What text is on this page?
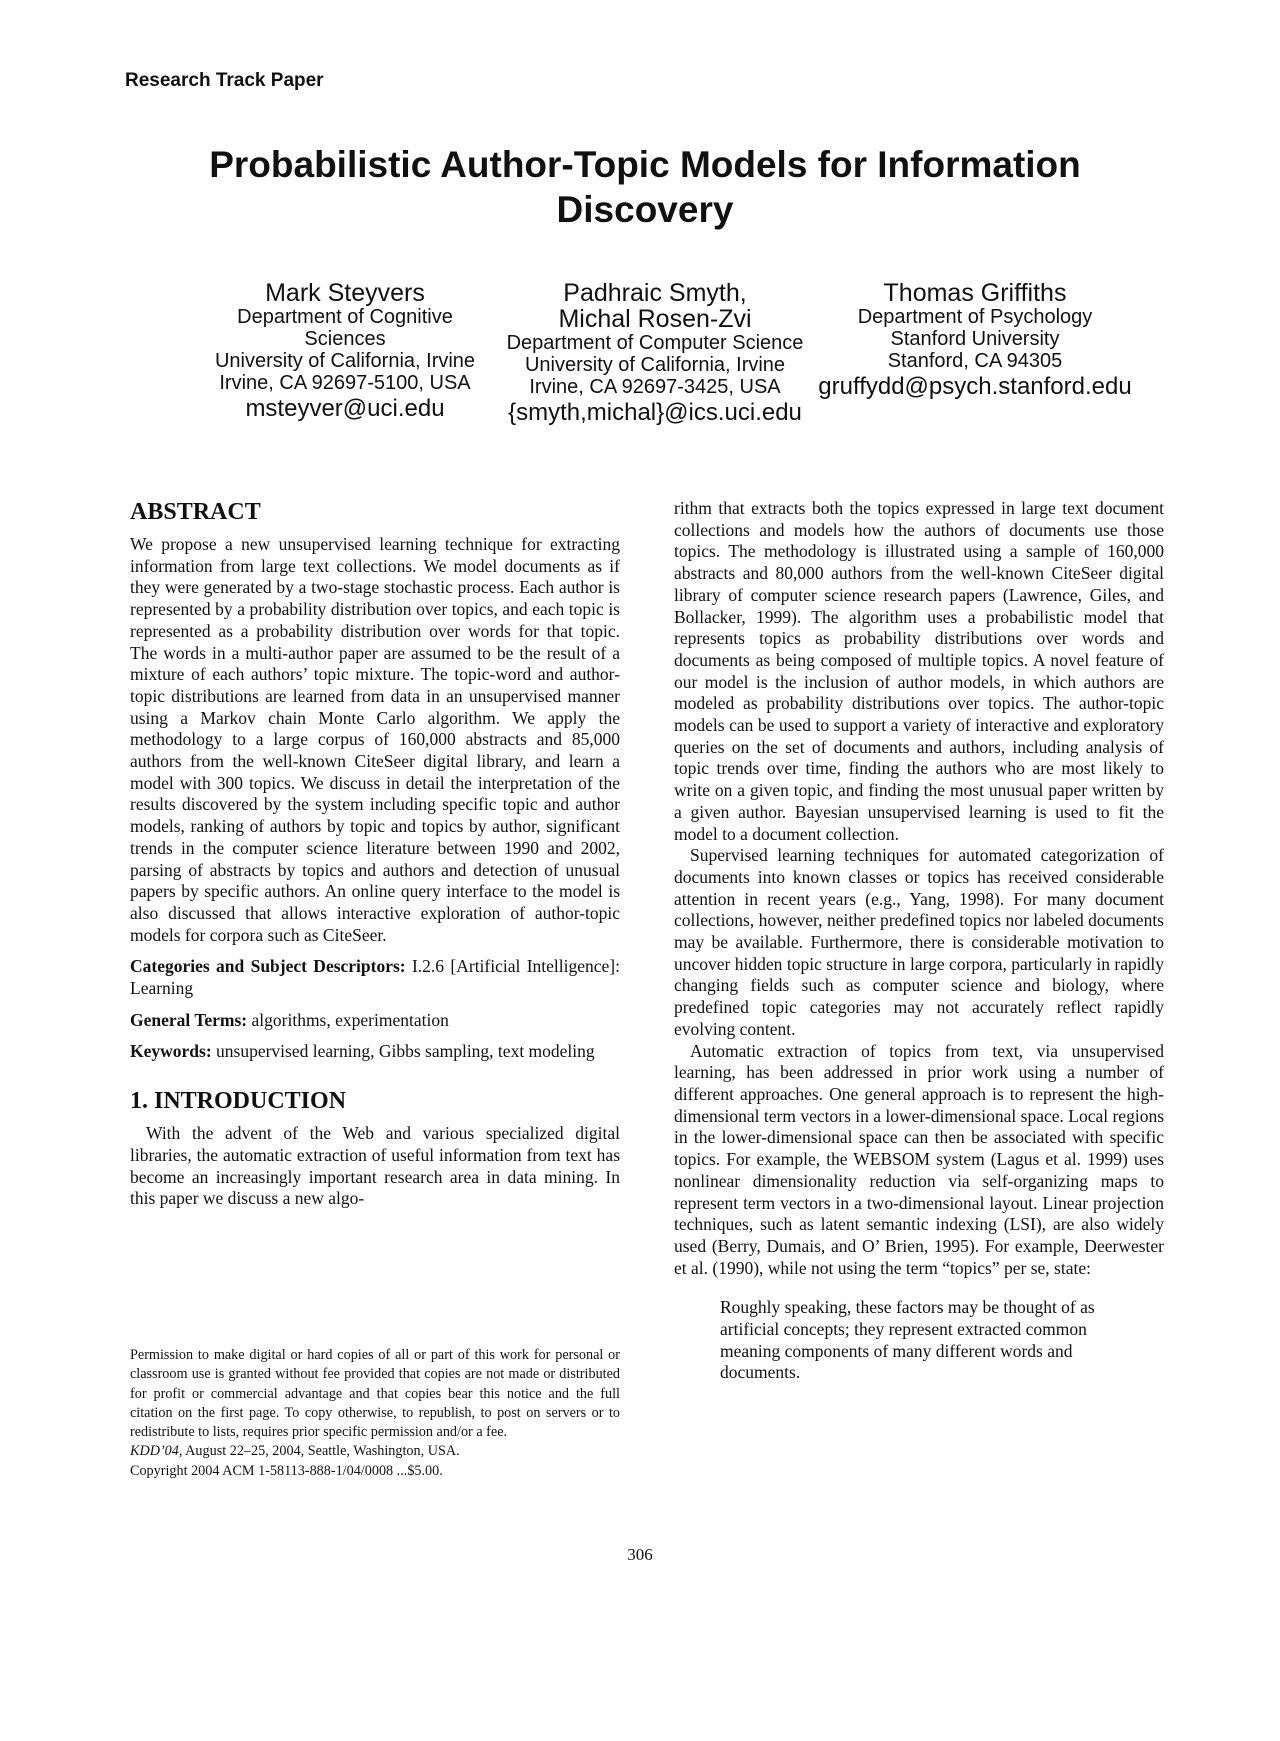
Research Track Paper
Probabilistic Author-Topic Models for Information Discovery
Mark Steyvers
Department of Cognitive Sciences
University of California, Irvine
Irvine, CA 92697-5100, USA
msteyver@uci.edu
Padhraic Smyth,
Michal Rosen-Zvi
Department of Computer Science
University of California, Irvine
Irvine, CA 92697-3425, USA
{smyth,michal}@ics.uci.edu
Thomas Griffiths
Department of Psychology
Stanford University
Stanford, CA 94305
gruffydd@psych.stanford.edu
ABSTRACT

We propose a new unsupervised learning technique for extracting information from large text collections. We model documents as if they were generated by a two-stage stochastic process. Each author is represented by a probability distribution over topics, and each topic is represented as a probability distribution over words for that topic. The words in a multi-author paper are assumed to be the result of a mixture of each authors’ topic mixture. The topic-word and author-topic distributions are learned from data in an unsupervised manner using a Markov chain Monte Carlo algorithm. We apply the methodology to a large corpus of 160,000 abstracts and 85,000 authors from the well-known CiteSeer digital library, and learn a model with 300 topics. We discuss in detail the interpretation of the results discovered by the system including specific topic and author models, ranking of authors by topic and topics by author, significant trends in the computer science literature between 1990 and 2002, parsing of abstracts by topics and authors and detection of unusual papers by specific authors. An online query interface to the model is also discussed that allows interactive exploration of author-topic models for corpora such as CiteSeer.

Categories and Subject Descriptors: I.2.6 [Artificial Intelligence]: Learning

General Terms: algorithms, experimentation

Keywords: unsupervised learning, Gibbs sampling, text modeling

1. INTRODUCTION

With the advent of the Web and various specialized digital libraries, the automatic extraction of useful information from text has become an increasingly important research area in data mining. In this paper we discuss a new algo-

rithm that extracts both the topics expressed in large text document collections and models how the authors of documents use those topics. The methodology is illustrated using a sample of 160,000 abstracts and 80,000 authors from the well-known CiteSeer digital library of computer science research papers (Lawrence, Giles, and Bollacker, 1999). The algorithm uses a probabilistic model that represents topics as probability distributions over words and documents as being composed of multiple topics. A novel feature of our model is the inclusion of author models, in which authors are modeled as probability distributions over topics. The author-topic models can be used to support a variety of interactive and exploratory queries on the set of documents and authors, including analysis of topic trends over time, finding the authors who are most likely to write on a given topic, and finding the most unusual paper written by a given author. Bayesian unsupervised learning is used to fit the model to a document collection.

Supervised learning techniques for automated categorization of documents into known classes or topics has received considerable attention in recent years (e.g., Yang, 1998). For many document collections, however, neither predefined topics nor labeled documents may be available. Furthermore, there is considerable motivation to uncover hidden topic structure in large corpora, particularly in rapidly changing fields such as computer science and biology, where predefined topic categories may not accurately reflect rapidly evolving content.

Automatic extraction of topics from text, via unsupervised learning, has been addressed in prior work using a number of different approaches. One general approach is to represent the high-dimensional term vectors in a lower-dimensional space. Local regions in the lower-dimensional space can then be associated with specific topics. For example, the WEBSOM system (Lagus et al. 1999) uses nonlinear dimensionality reduction via self-organizing maps to represent term vectors in a two-dimensional layout. Linear projection techniques, such as latent semantic indexing (LSI), are also widely used (Berry, Dumais, and O’ Brien, 1995). For example, Deerwester et al. (1990), while not using the term “topics” per se, state:

Roughly speaking, these factors may be thought of as artificial concepts; they represent extracted common meaning components of many different words and documents.

Permission to make digital or hard copies of all or part of this work for personal or classroom use is granted without fee provided that copies are not made or distributed for profit or commercial advantage and that copies bear this notice and the full citation on the first page. To copy otherwise, to republish, to post on servers or to redistribute to lists, requires prior specific permission and/or a fee.

KDD’04, August 22–25, 2004, Seattle, Washington, USA.

Copyright 2004 ACM 1-58113-888-1/04/0008 ...$5.00.

306
